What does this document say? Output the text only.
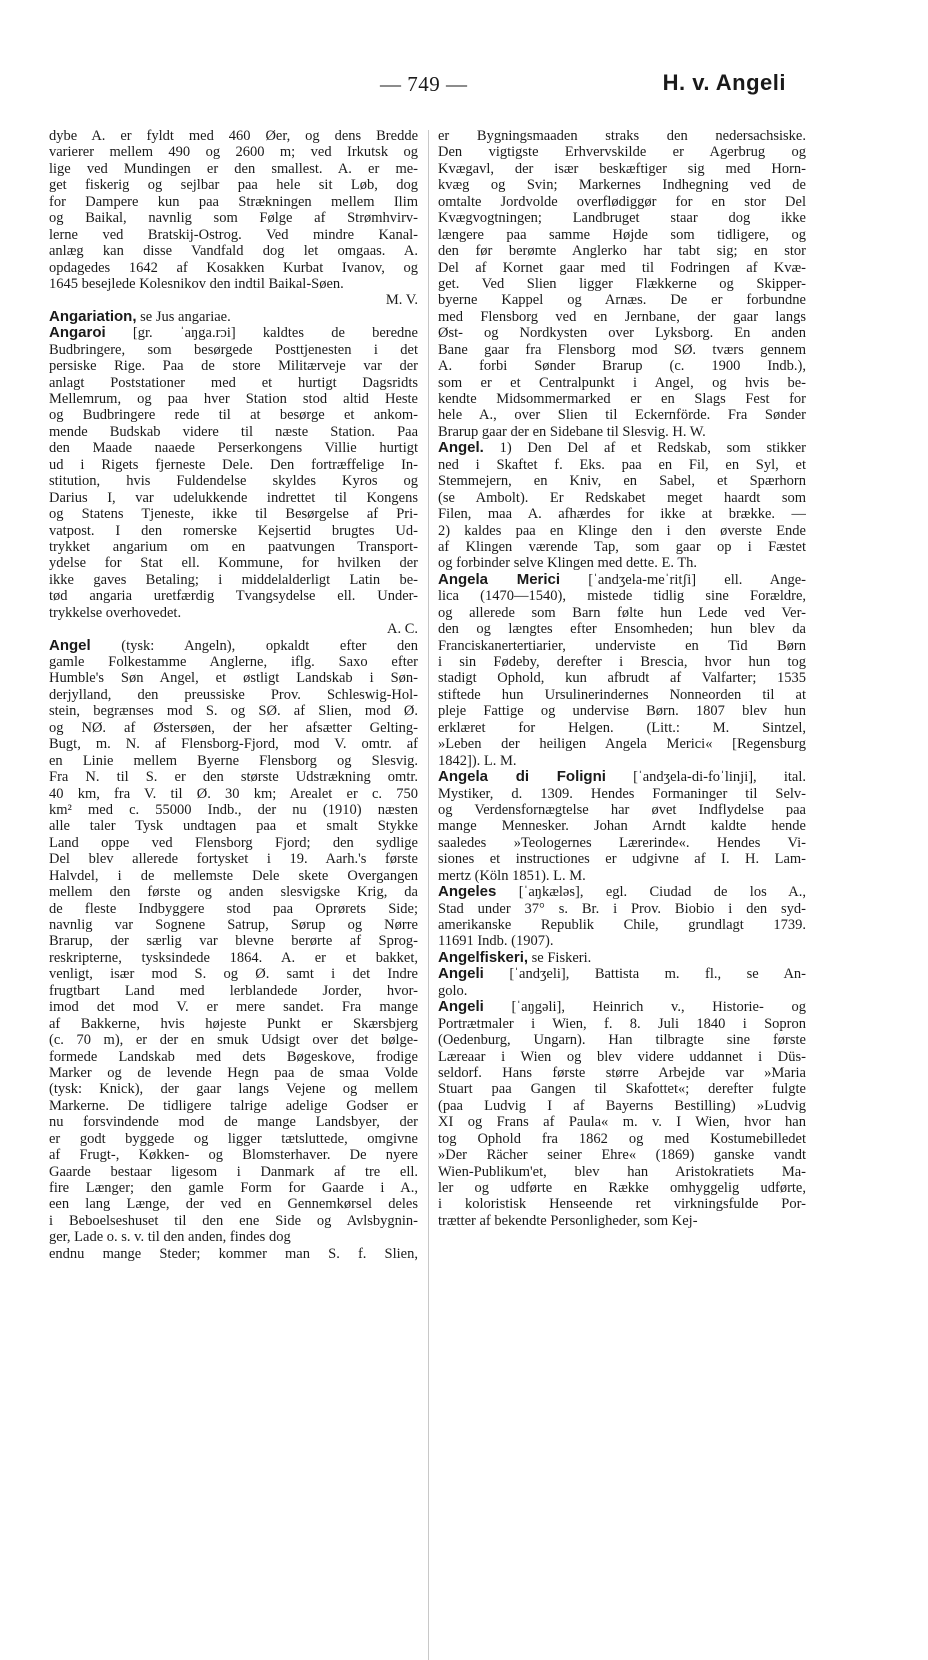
— 749 —	H. v. Angeli
dybe A. er fyldt med 460 Øer, og dens Bredde
varierer mellem 490 og 2600 m; ved Irkutsk og
lige ved Mundingen er den smallest. A. er me-
get fiskerig og sejlbar paa hele sit Løb, dog
for Dampere kun paa Strækningen mellem Ilim
og Baikal, navnlig som Følge af Strømhvirv-
lerne ved Bratskij-Ostrog. Ved mindre Kanal-
anlæg kan disse Vandfald dog let omgaas. A.
opdagedes 1642 af Kosakken Kurbat Ivanov, og
1645 besejlede Kolesnikov den indtil Baikal-Søen.
M. V.
Angariation, se Jus angariae.
Angaroi [gr. ˈaŋga.rɔi] kaldtes de beredne
Budbringere, som besørgede Posttjenesten i det
persiske Rige. Paa de store Militærveje var der
anlagt Poststationer med et hurtigt Dagsridts
Mellemrum, og paa hver Station stod altid Heste
og Budbringere rede til at besørge et ankom-
mende Budskab videre til næste Station. Paa
den Maade naaede Perserkongens Villie hurtigt
ud i Rigets fjerneste Dele. Den fortræffelige In-
stitution, hvis Fuldendelse skyldes Kyros og
Darius I, var udelukkende indrettet til Kongens
og Statens Tjeneste, ikke til Besørgelse af Pri-
vatpost. I den romerske Kejsertid brugtes Ud-
trykket angarium om en paatvungen Transport-
ydelse for Stat ell. Kommune, for hvilken der
ikke gaves Betaling; i middelalderligt Latin be-
tød angaria uretfærdig Tvangsydelse ell. Under-
trykkelse overhovedet.
A. C.
Angel (tysk: Angeln), opkaldt efter den
gamle Folkestamme Anglerne, iflg. Saxo efter
Humble's Søn Angel, et østligt Landskab i Søn-
derjylland, den preussiske Prov. Schleswig-Hol-
stein, begrænses mod S. og SØ. af Slien, mod Ø.
og NØ. af Østersøen, der her afsætter Gelting-
Bugt, m. N. af Flensborg-Fjord, mod V. omtr. af
en Linie mellem Byerne Flensborg og Slesvig.
Fra N. til S. er den største Udstrækning omtr.
40 km, fra V. til Ø. 30 km; Arealet er c. 750
km² med c. 55000 Indb., der nu (1910) næsten
alle taler Tysk undtagen paa et smalt Stykke
Land oppe ved Flensborg Fjord; den sydlige
Del blev allerede fortysket i 19. Aarh.'s første
Halvdel, i de mellemste Dele skete Overgangen
mellem den første og anden slesvigske Krig, da
de fleste Indbyggere stod paa Oprørets Side;
navnlig var Sognene Satrup, Sørup og Nørre
Brarup, der særlig var blevne berørte af Sprog-
reskripterne, tysksindede 1864. A. er et bakket,
venligt, især mod S. og Ø. samt i det Indre
frugtbart Land med lerblandede Jorder, hvor-
imod det mod V. er mere sandet. Fra mange
af Bakkerne, hvis højeste Punkt er Skærsbjerg
(c. 70 m), er der en smuk Udsigt over det bølge-
formede Landskab med dets Bøgeskove, frodige
Marker og de levende Hegn paa de smaa Volde
(tysk: Knick), der gaar langs Vejene og mellem
Markerne. De tidligere talrige adelige Godser er
nu forsvindende mod de mange Landsbyer, der
er godt byggede og ligger tætsluttede, omgivne
af Frugt-, Køkken- og Blomsterhaver. De nyere
Gaarde bestaar ligesom i Danmark af tre ell.
fire Længer; den gamle Form for Gaarde i A.,
een lang Længe, der ved en Gennemkørsel deles
i Beboelseshuset til den ene Side og Avlsbygnin-
ger, Lade o. s. v. til den anden, findes dog
endnu mange Steder; kommer man S. f. Slien,
er Bygningsmaaden straks den nedersachsiske.
Den vigtigste Erhvervskilde er Agerbrug og
Kvægavl, der især beskæftiger sig med Horn-
kvæg og Svin; Markernes Indhegning ved de
omtalte Jordvolde overflødiggør for en stor Del
Kvægvogtningen; Landbruget staar dog ikke
længere paa samme Højde som tidligere, og
den før berømte Anglerko har tabt sig; en stor
Del af Kornet gaar med til Fodringen af Kvæ-
get. Ved Slien ligger Flækkerne og Skipper-
byerne Kappel og Arnæs. De er forbundne
med Flensborg ved en Jernbane, der gaar langs
Øst- og Nordkysten over Lyksborg. En anden
Bane gaar fra Flensborg mod SØ. tværs gennem
A. forbi Sønder Brarup (c. 1900 Indb.),
som er et Centralpunkt i Angel, og hvis be-
kendte Midsommermarked er en Slags Fest for
hele A., over Slien til Eckernförde. Fra Sønder
Brarup gaar der en Sidebane til Slesvig. H. W.
Angel. 1) Den Del af et Redskab, som stikker
ned i Skaftet f. Eks. paa en Fil, en Syl, et
Stemmejern, en Kniv, en Sabel, et Spærhorn
(se Ambolt). Er Redskabet meget haardt som
Filen, maa A. afhærdes for ikke at brække. —
2) kaldes paa en Klinge den i den øverste Ende
af Klingen værende Tap, som gaar op i Fæstet
og forbinder selve Klingen med dette. E. Th.
Angela Merici [ˈandʒela-meˈritʃi] ell. Ange-
lica (1470—1540), mistede tidlig sine Forældre,
og allerede som Barn følte hun Lede ved Ver-
den og længtes efter Ensomheden; hun blev da
Franciskanertertiarier, underviste en Tid Børn
i sin Fødeby, derefter i Brescia, hvor hun tog
stadigt Ophold, kun afbrudt af Valfarter; 1535
stiftede hun Ursulinerindernes Nonneorden til at
pleje Fattige og undervise Børn. 1807 blev hun
erklæret for Helgen. (Litt.: M. Sintzel,
»Leben der heiligen Angela Merici« [Regensburg
1842]). L. M.
Angela di Foligni [ˈandʒela-di-foˈlinji], ital.
Mystiker, d. 1309. Hendes Formaninger til Selv-
og Verdensfornægtelse har øvet Indflydelse paa
mange Mennesker. Johan Arndt kaldte hende
saaledes »Teologernes Lærerinde«. Hendes Vi-
siones et instructiones er udgivne af I. H. Lam-
mertz (Köln 1851). L. M.
Angeles [ˈaŋkæləs], egl. Ciudad de los A.,
Stad under 37° s. Br. i Prov. Biobio i den syd-
amerikanske Republik Chile, grundlagt 1739.
11691 Indb. (1907).
Angelfiskeri, se Fiskeri.
Angeli [ˈandʒeli], Battista m. fl., se An-
golo.
Angeli [ˈaŋgəli], Heinrich v., Historie- og
Portrætmaler i Wien, f. 8. Juli 1840 i Sopron
(Oedenburg, Ungarn). Han tilbragte sine første
Læreaar i Wien og blev videre uddannet i Düs-
seldorf. Hans første større Arbejde var »Maria
Stuart paa Gangen til Skafottet«; derefter fulgte
(paa Ludvig I af Bayerns Bestilling) »Ludvig
XI og Frans af Paula« m. v. I Wien, hvor han
tog Ophold fra 1862 og med Kostumebilledet
»Der Rächer seiner Ehre« (1869) ganske vandt
Wien-Publikum'et, blev han Aristokratiets Ma-
ler og udførte en Række omhyggelig udførte,
i koloristisk Henseende ret virkningsfulde Por-
trætter af bekendte Personligheder, som Kej-
